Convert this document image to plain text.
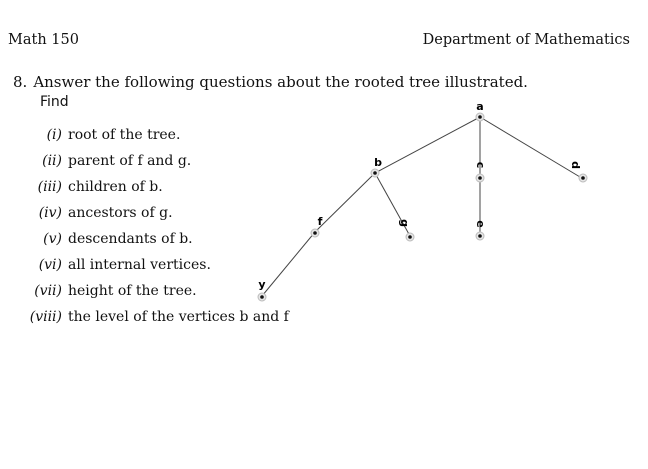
Math 150	Department of Mathematics
8. Answer the following questions about the rooted tree illustrated.
Find
(i) root of the tree.
(ii) parent of f and g.
(iii) children of b.
(iv) ancestors of g.
(v) descendants of b.
(vi) all internal vertices.
(vii) height of the tree.
(viii) the level of the vertices b and f
a
b	c	d
f	g	e
y
